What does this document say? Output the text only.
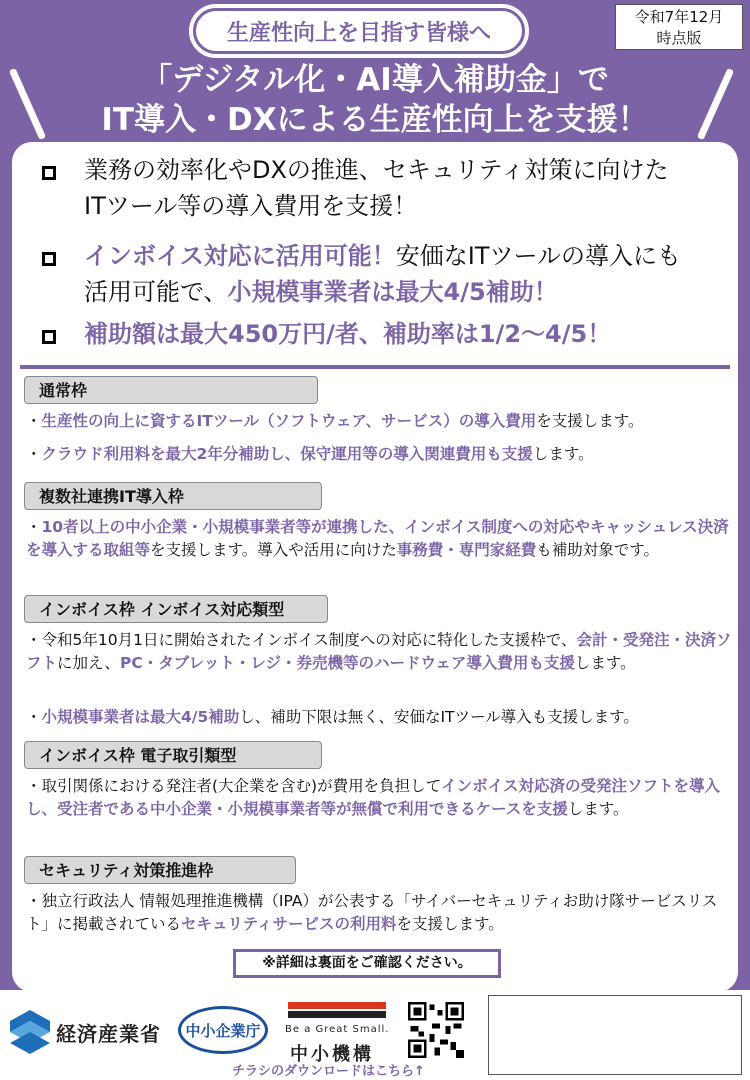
生産性向上を目指す皆様へ
令和7年12月
時点版
「デジタル化・AI導入補助金」で
IT導入・DXによる生産性向上を支援！
業務の効率化やDXの推進、セキュリティ対策に向けた
ITツール等の導入費用を支援！
インボイス対応に活用可能！安価なITツールの導入にも
活用可能で、小規模事業者は最大4/5補助！
補助額は最大450万円/者、補助率は1/2～4/5！
通常枠
・生産性の向上に資するITツール（ソフトウェア、サービス）の導入費用を支援します。
・クラウド利用料を最大2年分補助し、保守運用等の導入関連費用も支援します。
複数社連携IT導入枠
・10者以上の中小企業・小規模事業者等が連携した、インボイス制度への対応やキャッシュレス決済を導入する取組等を支援します。導入や活用に向けた事務費・専門家経費も補助対象です。
インボイス枠 インボイス対応類型
・令和5年10月1日に開始されたインボイス制度への対応に特化した支援枠で、会計・受発注・決済ソフトに加え、PC・タブレット・レジ・券売機等のハードウェア導入費用も支援します。
・小規模事業者は最大4/5補助し、補助下限は無く、安価なITツール導入も支援します。
インボイス枠 電子取引類型
・取引関係における発注者(大企業を含む)が費用を負担してインボイス対応済の受発注ソフトを導入し、受注者である中小企業・小規模事業者等が無償で利用できるケースを支援します。
セキュリティ対策推進枠
・独立行政法人 情報処理推進機構（IPA）が公表する「サイバーセキュリティお助け隊サービスリスト」に掲載されているセキュリティサービスの利用料を支援します。
※詳細は裏面をご確認ください。
経済産業省 中小企業庁 Be a Great Small.
中小機構
チラシのダウンロードはこちら↑
